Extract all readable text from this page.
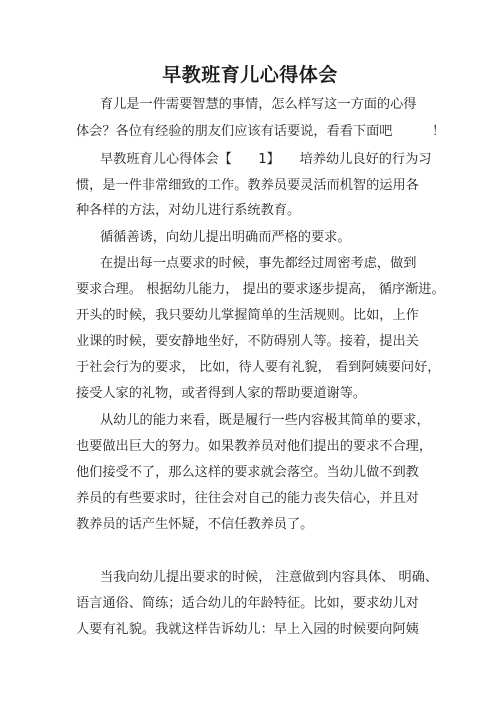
早教班育儿心得体会
育儿是一件需要智慧的事情，怎么样写这一方面的心得
体会？各位有经验的朋友们应该有话要说，看看下面吧　　　！
早教班育儿心得体会【　　1】　　培养幼儿良好的行为习
惯，是一件非常细致的工作。教养员要灵活而机智的运用各
种各样的方法，对幼儿进行系统教育。
循循善诱，向幼儿提出明确而严格的要求。
在提出每一点要求的时候，事先都经过周密考虑，做到
要求合理。 根据幼儿能力， 提出的要求逐步提高， 循序渐进。
开头的时候，我只要幼儿掌握简单的生活规则。比如，上作
业课的时候，要安静地坐好，不防碍别人等。接着，提出关
于社会行为的要求， 比如，待人要有礼貌， 看到阿姨要问好，
接受人家的礼物，或者得到人家的帮助要道谢等。
从幼儿的能力来看，既是履行一些内容极其简单的要求，
也要做出巨大的努力。如果教养员对他们提出的要求不合理，
他们接受不了，那么这样的要求就会落空。当幼儿做不到教
养员的有些要求时，往往会对自己的能力丧失信心，并且对
教养员的话产生怀疑，不信任教养员了。
当我向幼儿提出要求的时候， 注意做到内容具体、 明确、
语言通俗、简练；适合幼儿的年龄特征。比如，要求幼儿对
人要有礼貌。我就这样告诉幼儿：早上入园的时候要向阿姨
